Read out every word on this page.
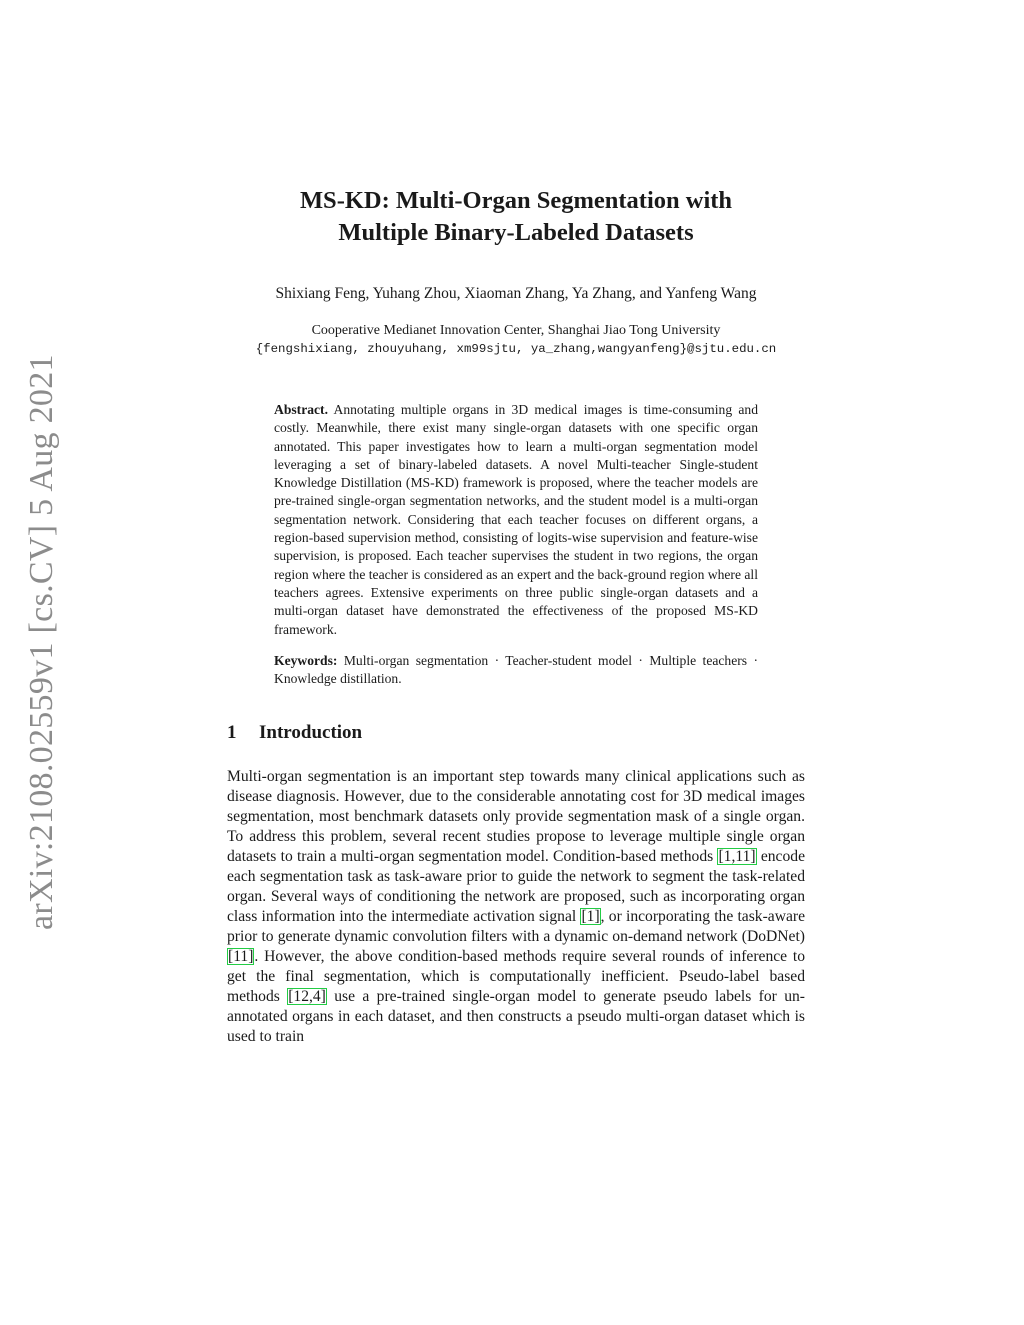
arXiv:2108.02559v1 [cs.CV] 5 Aug 2021
MS-KD: Multi-Organ Segmentation with
Multiple Binary-Labeled Datasets
Shixiang Feng, Yuhang Zhou, Xiaoman Zhang, Ya Zhang, and Yanfeng Wang
Cooperative Medianet Innovation Center, Shanghai Jiao Tong University
{fengshixiang, zhouyuhang, xm99sjtu, ya_zhang,wangyanfeng}@sjtu.edu.cn
Abstract. Annotating multiple organs in 3D medical images is time-consuming and costly. Meanwhile, there exist many single-organ datasets with one specific organ annotated. This paper investigates how to learn a multi-organ segmentation model leveraging a set of binary-labeled datasets. A novel Multi-teacher Single-student Knowledge Distillation (MS-KD) framework is proposed, where the teacher models are pre-trained single-organ segmentation networks, and the student model is a multi-organ segmentation network. Considering that each teacher focuses on different organs, a region-based supervision method, consisting of logits-wise supervision and feature-wise supervision, is proposed. Each teacher supervises the student in two regions, the organ region where the teacher is considered as an expert and the back-ground region where all teachers agrees. Extensive experiments on three public single-organ datasets and a multi-organ dataset have demonstrated the effectiveness of the proposed MS-KD framework.
Keywords: Multi-organ segmentation · Teacher-student model · Multiple teachers · Knowledge distillation.
1 Introduction
Multi-organ segmentation is an important step towards many clinical applications such as disease diagnosis. However, due to the considerable annotating cost for 3D medical images segmentation, most benchmark datasets only provide segmentation mask of a single organ. To address this problem, several recent studies propose to leverage multiple single organ datasets to train a multi-organ segmentation model. Condition-based methods [1,11] encode each segmentation task as task-aware prior to guide the network to segment the task-related organ. Several ways of conditioning the network are proposed, such as incorporating organ class information into the intermediate activation signal [1], or incorporating the task-aware prior to generate dynamic convolution filters with a dynamic on-demand network (DoDNet) [11]. However, the above condition-based methods require several rounds of inference to get the final segmentation, which is computationally inefficient. Pseudo-label based methods [12,4] use a pre-trained single-organ model to generate pseudo labels for un-annotated organs in each dataset, and then constructs a pseudo multi-organ dataset which is used to train
